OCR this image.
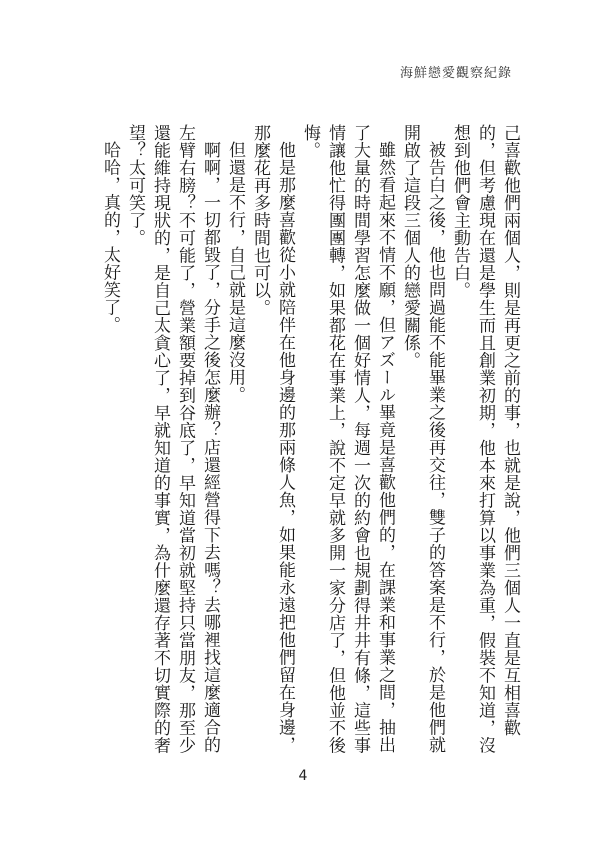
海鮮戀愛觀察紀錄

己喜歡他們兩個人，則是再更之前的事，也就是說，他們三個人一直是互相喜歡的，但考慮現在還是學生而且創業初期，他本來打算以事業為重，假裝不知道，沒想到他們會主動告白。

被告白之後，他也問過能不能畢業之後再交往，雙子的答案是不行，於是他們就開啟了這段三個人的戀愛關係。

雖然看起來不情不願，但アズール畢竟是喜歡他們的，在課業和事業之間，抽出了大量的時間學習怎麼做一個好情人，每週一次的約會也規劃得井井有條，這些事情讓他忙得團團轉，如果都花在事業上，說不定早就多開一家分店了，但他並不後悔。

他是那麼喜歡從小就陪伴在他身邊的那兩條人魚，如果能永遠把他們留在身邊，那麼花再多時間也可以。

但還是不行，自己就是這麼沒用。

啊啊，一切都毀了，分手之後怎麼辦？店還經營得下去嗎？去哪裡找這麼適合的左臂右膀？不可能了，營業額要掉到谷底了，早知道當初就堅持只當朋友，那至少還能維持現狀的，是自己太貪心了，早就知道的事實，為什麼還存著不切實際的奢望？太可笑了。

哈哈，真的，太好笑了。

4
